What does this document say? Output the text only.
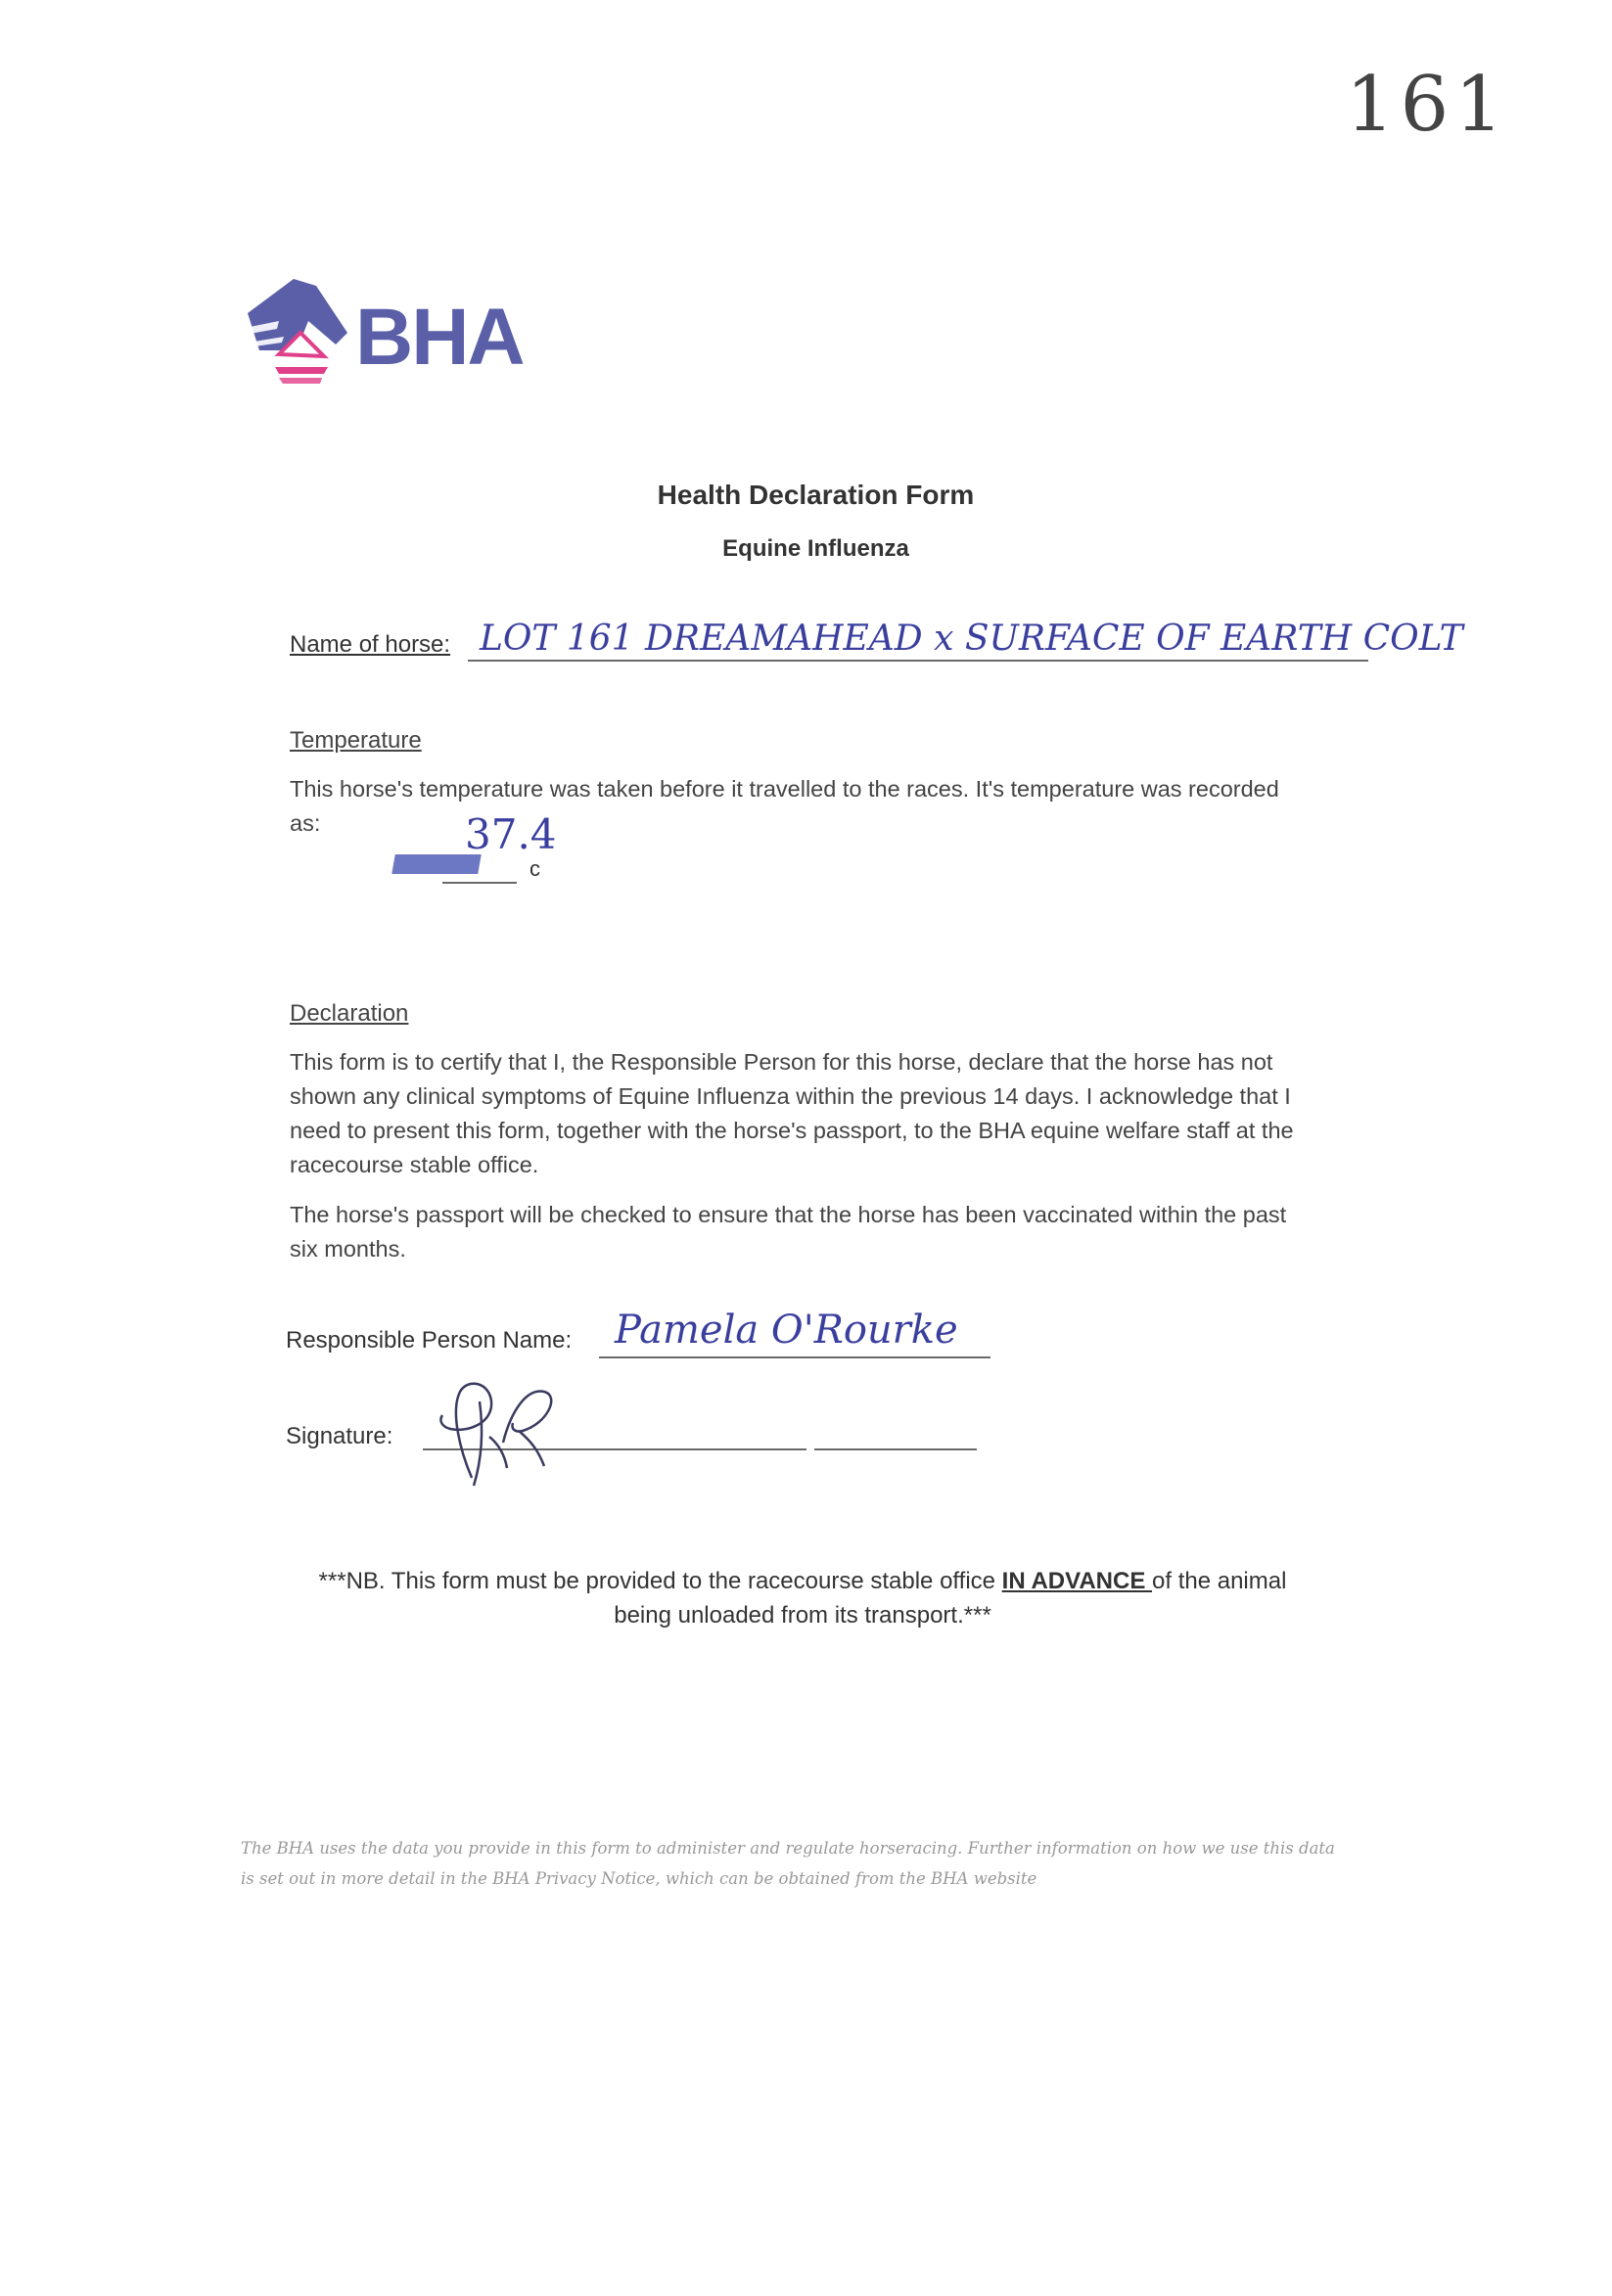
161
BHA
Health Declaration Form
Equine Influenza
Name of horse: LOT 161 DREAMAHEAD x SURFACE OF EARTH COLT
Temperature
This horse's temperature was taken before it travelled to the races. It's temperature was recorded as:	37.4
c
Declaration
This form is to certify that I, the Responsible Person for this horse, declare that the horse has not shown any clinical symptoms of Equine Influenza within the previous 14 days. I acknowledge that I need to present this form, together with the horse's passport, to the BHA equine welfare staff at the racecourse stable office.
The horse's passport will be checked to ensure that the horse has been vaccinated within the past six months.
Responsible Person Name: Pamela O'Rourke
Signature:
***NB. This form must be provided to the racecourse stable office IN ADVANCE of the animal being unloaded from its transport.***
The BHA uses the data you provide in this form to administer and regulate horseracing. Further information on how we use this data is set out in more detail in the BHA Privacy Notice, which can be obtained from the BHA website
